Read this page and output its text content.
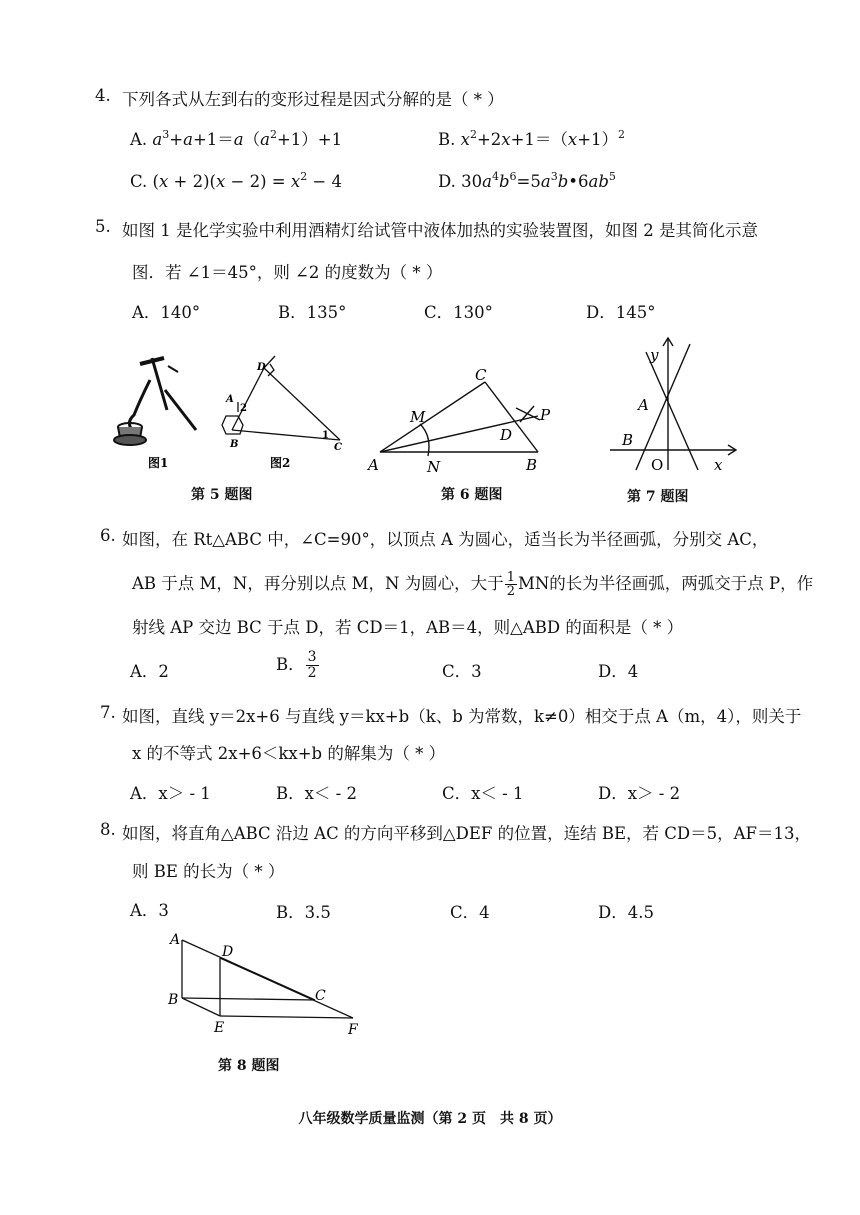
4. 下列各式从左到右的变形过程是因式分解的是（ * ）
A. $a^3+a+1=a(a^2+1)+1$	B. $x^2+2x+1=(x+1)^2$
C. $(x + 2)(x - 2) = x^2 - 4$	D. $30a^4b^6=5a^3b•6ab^5$
5. 如图 1 是化学实验中利用酒精灯给试管中液体加热的实验装置图，如图 2 是其简化示意
图．若 ∠1＝45°，则 ∠2 的度数为（ * ）
A．140°	B．135°	C．130°	D．145°
图1
D
A
2
B
1
C
图2	A	B
C
D
M
N
P
y
x
A
B
O
第 5 题图	第 6 题图	第 7 题图
6. 如图，在 Rt△ABC 中，∠C=90°，以顶点 A 为圆心，适当长为半径画弧，分别交 AC，
AB 于点 M，N，再分别以点 M，N 为圆心，大于 $\frac{1}{2}$ MN的长为半径画弧，两弧交于点 P，作
射线 AP 交边 BC 于点 D，若 CD＝1，AB＝4，则△ABD 的面积是（ * ）
A．2	B． $\frac{3}{2}$	C．3	D．4
7. 如图，直线 y＝2x+6 与直线 y＝kx+b（k、b 为常数，k≠0）相交于点 A（m，4），则关于
x 的不等式 2x+6＜kx+b 的解集为（ * ）
A．x＞ - 1	B．x＜ - 2	C．x＜ - 1	D．x＞ - 2
8. 如图，将直角△ABC 沿边 AC 的方向平移到△DEF 的位置，连结 BE，若 CD＝5，AF＝13，
则 BE 的长为（ * ）
A．3	B．3.5	C．4	D．4.5
A
B	C
D
E	F
第 8 题图
八年级数学质量监测（第 2 页　共 8 页）
